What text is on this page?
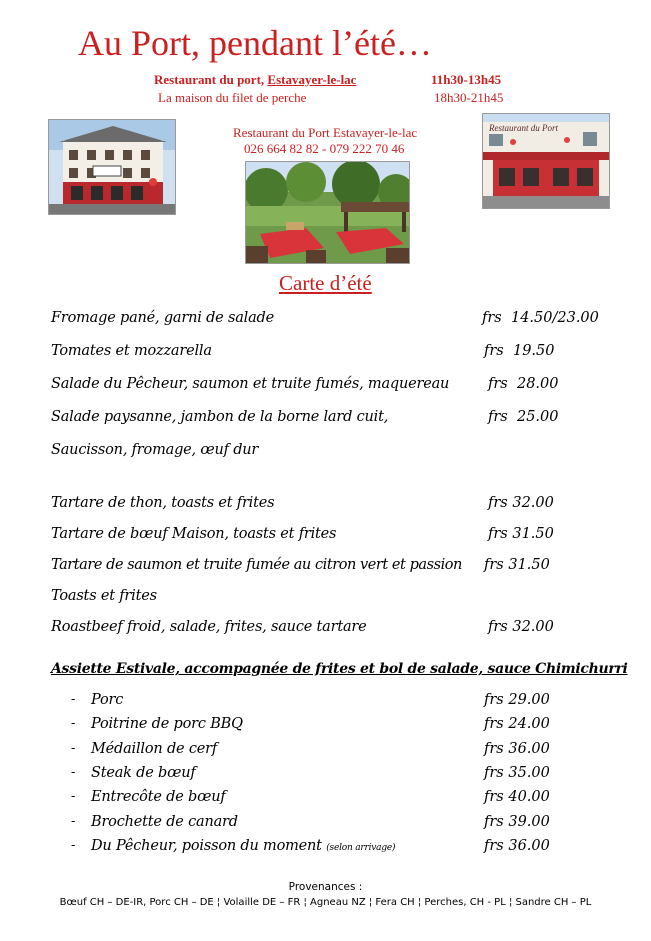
Au Port, pendant l’été…
Restaurant du port, Estavayer-le-lac	11h30-13h45
La maison du filet de perche	18h30-21h45
Restaurant du Port Estavayer-le-lac
026 664 82 82 - 079 222 70 46
Restaurant du Port
Carte d’été
Fromage pané, garni de salade	frs 14.50/23.00
Tomates et mozzarella	frs 19.50
Salade du Pêcheur, saumon et truite fumés, maquereau	frs 28.00
Salade paysanne, jambon de la borne lard cuit,	frs 25.00
Saucisson, fromage, œuf dur
Tartare de thon, toasts et frites	frs 32.00
Tartare de bœuf Maison, toasts et frites	frs 31.50
Tartare de saumon et truite fumée au citron vert et passion frs 31.50
Toasts et frites
Roastbeef froid, salade, frites, sauce tartare	frs 32.00
Assiette Estivale, accompagnée de frites et bol de salade, sauce Chimichurri
- Porc	frs 29.00
- Poitrine de porc BBQ	frs 24.00
- Médaillon de cerf	frs 36.00
- Steak de bœuf	frs 35.00
- Entrecôte de bœuf	frs 40.00
- Brochette de canard	frs 39.00
- Du Pêcheur, poisson du moment (selon arrivage)	frs 36.00
Provenances :
Bœuf CH – DE-IR, Porc CH – DE ¦ Volaille DE – FR ¦ Agneau NZ ¦ Fera CH ¦ Perches, CH - PL ¦ Sandre CH – PL
